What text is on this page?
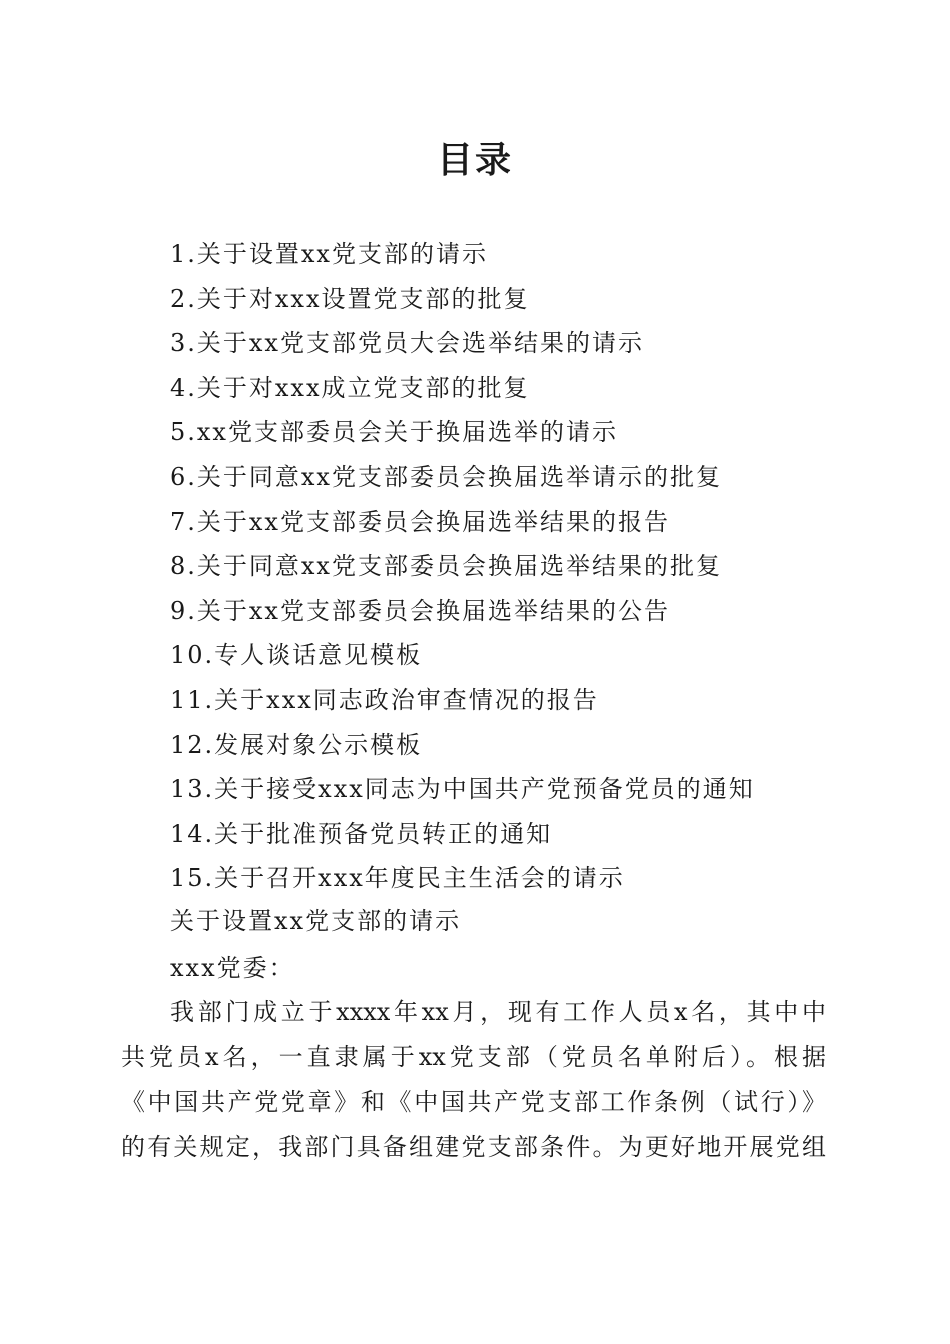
目录
1.关于设置xx党支部的请示
2.关于对xxx设置党支部的批复
3.关于xx党支部党员大会选举结果的请示
4.关于对xxx成立党支部的批复
5.xx党支部委员会关于换届选举的请示
6.关于同意xx党支部委员会换届选举请示的批复
7.关于xx党支部委员会换届选举结果的报告
8.关于同意xx党支部委员会换届选举结果的批复
9.关于xx党支部委员会换届选举结果的公告
10.专人谈话意见模板
11.关于xxx同志政治审查情况的报告
12.发展对象公示模板
13.关于接受xxx同志为中国共产党预备党员的通知
14.关于批准预备党员转正的通知
15.关于召开xxx年度民主生活会的请示
关于设置xx党支部的请示
xxx党委：
我部门成立于xxxx年xx月，现有工作人员x名，其中中
共党员x名，一直隶属于xx党支部（党员名单附后）。根据
《中国共产党党章》和《中国共产党支部工作条例（试行）》
的有关规定，我部门具备组建党支部条件。为更好地开展党组
